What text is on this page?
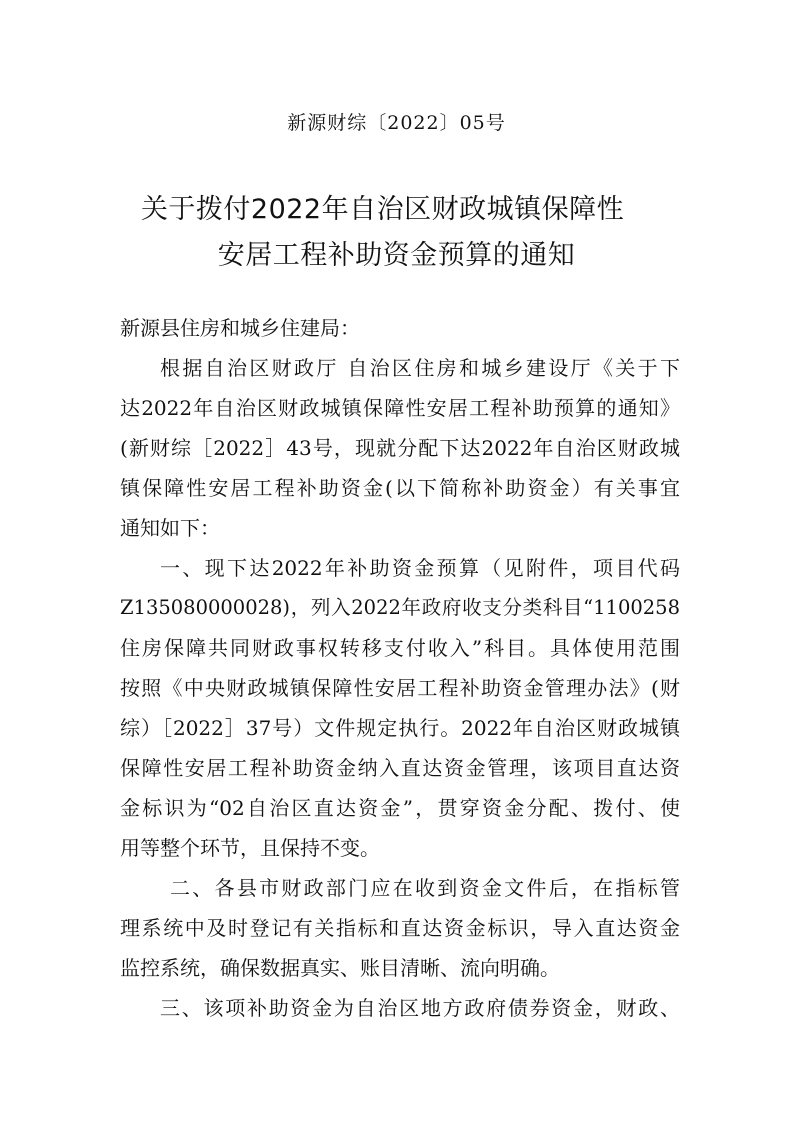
新源财综〔2022〕05号
关于拨付2022年自治区财政城镇保障性
安居工程补助资金预算的通知
新源县住房和城乡住建局：
根据自治区财政厅 自治区住房和城乡建设厅《关于下
达2022年自治区财政城镇保障性安居工程补助预算的通知》
(新财综［2022］43号，现就分配下达2022年自治区财政城
镇保障性安居工程补助资金(以下简称补助资金）有关事宜
通知如下：
一、现下达2022年补助资金预算（见附件，项目代码
Z135080000028)，列入2022年政府收支分类科目“1100258
住房保障共同财政事权转移支付收入”科目。具体使用范围
按照《中央财政城镇保障性安居工程补助资金管理办法》(财
综）［2022］37号）文件规定执行。2022年自治区财政城镇
保障性安居工程补助资金纳入直达资金管理，该项目直达资
金标识为“02自治区直达资金”，贯穿资金分配、拨付、使
用等整个环节，且保持不变。
二、各县市财政部门应在收到资金文件后，在指标管
理系统中及时登记有关指标和直达资金标识，导入直达资金
监控系统，确保数据真实、账目清晰、流向明确。
三、该项补助资金为自治区地方政府债券资金，财政、
